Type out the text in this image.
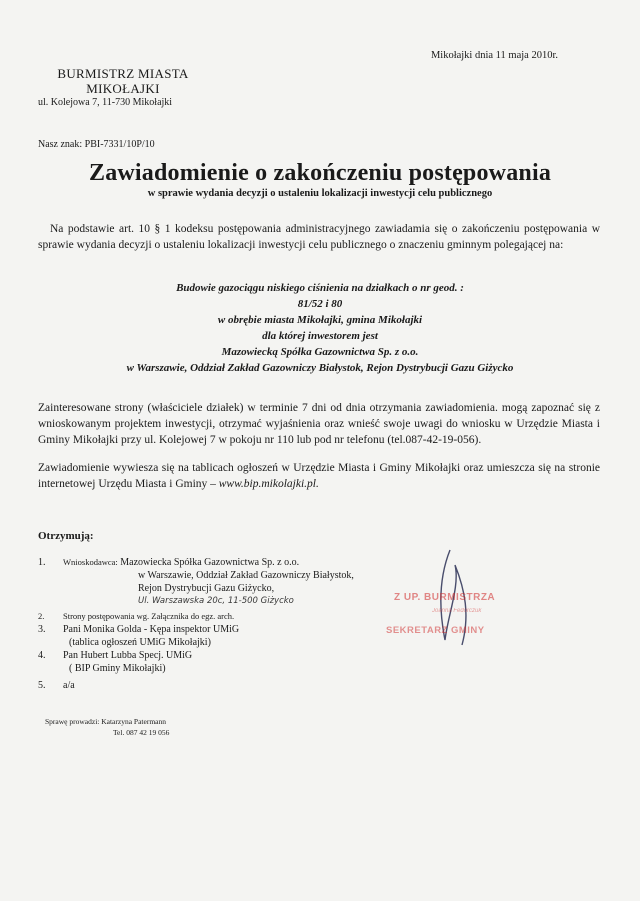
Mikołajki dnia 11 maja 2010r.
BURMISTRZ MIASTA
MIKOŁAJKI
ul. Kolejowa 7, 11-730 Mikołajki
Nasz znak: PBI-7331/10P/10
Zawiadomienie o zakończeniu postępowania
w sprawie wydania decyzji o ustaleniu lokalizacji inwestycji celu publicznego
Na podstawie art. 10 § 1 kodeksu postępowania administracyjnego zawiadamia się o zakończeniu postępowania w sprawie wydania decyzji o ustaleniu lokalizacji inwestycji celu publicznego o znaczeniu gminnym polegającej na:
Budowie gazociągu niskiego ciśnienia na działkach o nr geod. :
81/52 i 80
w obrębie miasta Mikołajki, gmina Mikołajki
dla której inwestorem jest
Mazowiecką Spółka Gazownictwa Sp. z o.o.
w Warszawie, Oddział Zakład Gazowniczy Białystok, Rejon Dystrybucji Gazu Giżycko
Zainteresowane strony (właściciele działek) w terminie 7 dni od dnia otrzymania zawiadomienia. mogą zapoznać się z wnioskowanym projektem inwestycji, otrzymać wyjaśnienia oraz wnieść swoje uwagi do wniosku w Urzędzie Miasta i Gminy Mikołajki przy ul. Kolejowej 7 w pokoju nr 110 lub pod nr telefonu (tel.087-42-19-056).
Zawiadomienie wywiesza się na tablicach ogłoszeń w Urzędzie Miasta i Gminy Mikołajki oraz umieszcza się na stronie internetowej Urzędu Miasta i Gminy – www.bip.mikolajki.pl.
Otrzymują:
1. Wnioskodawca: Mazowiecka Spółka Gazownictwa Sp. z o.o.
w Warszawie, Oddział Zakład Gazowniczy Białystok,
Rejon Dystrybucji Gazu Giżycko,
Ul. Warszawska 20c, 11-500 Giżycko
2. Strony postępowania wg. Załącznika do egz. arch.
3. Pani Monika Golda - Kępa inspektor UMiG
(tablica ogłoszeń UMiG Mikołajki)
4. Pan Hubert Lubba Specj. UMiG
( BIP Gminy Mikołajki)
5. a/a
Z UP. BURMISTRZA
Joanna Fedorczuk
SEKRETARZ GMINY
Sprawę prowadzi: Katarzyna Patermann
Tel. 087 42 19 056
